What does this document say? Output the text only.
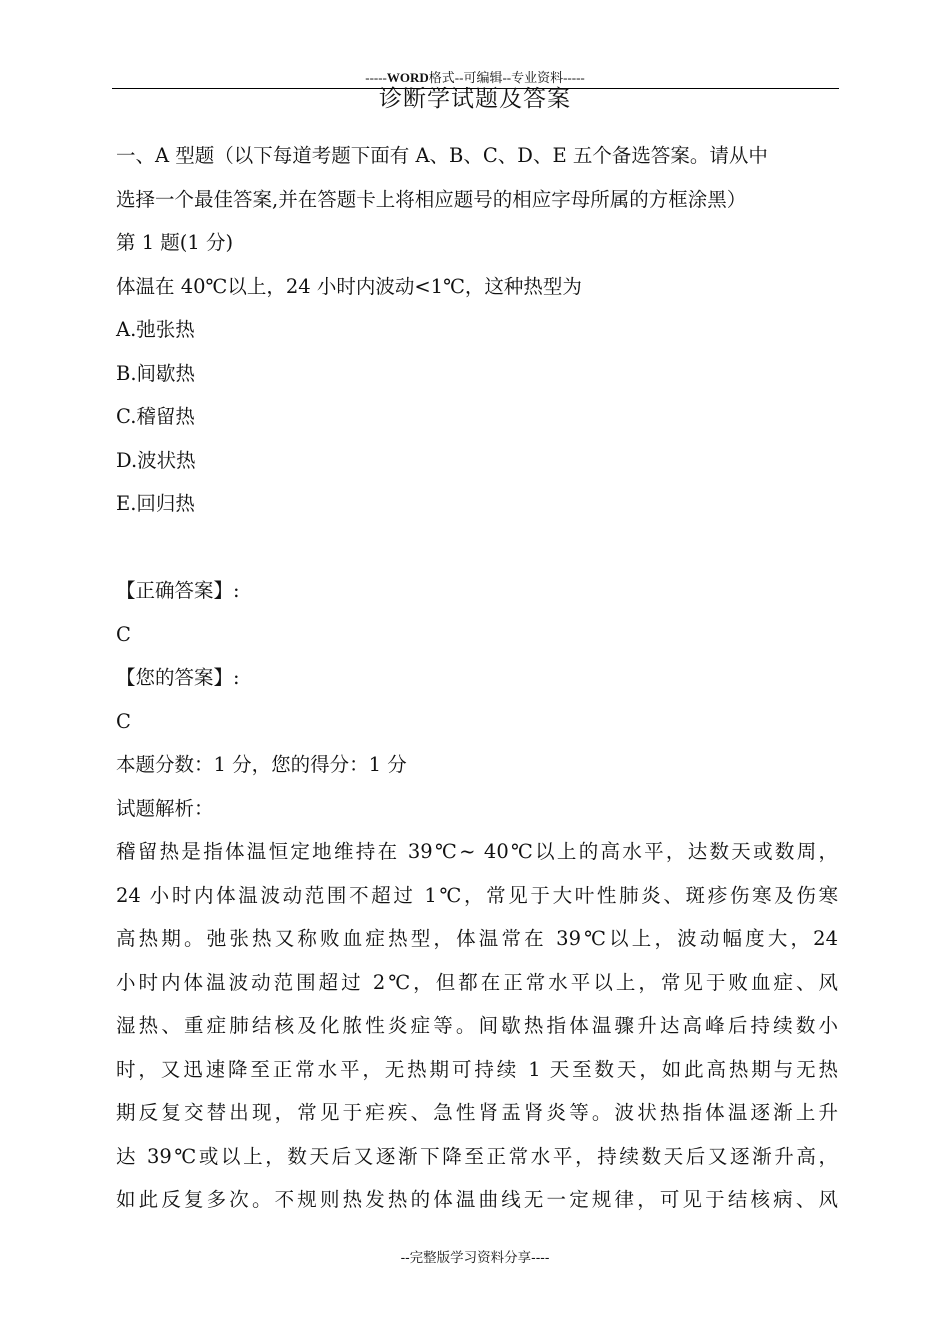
-----WORD格式--可编辑--专业资料-----
诊断学试题及答案
一、A 型题（以下每道考题下面有 A、B、C、D、E 五个备选答案。请从中
选择一个最佳答案,并在答题卡上将相应题号的相应字母所属的方框涂黑）
第 1 题(1 分)
体温在 40℃以上，24 小时内波动<1℃，这种热型为
A.弛张热
B.间歇热
C.稽留热
D.波状热
E.回归热
【正确答案】:
C
【您的答案】:
C
本题分数：1 分，您的得分：1 分
试题解析：
稽留热是指体温恒定地维持在 39℃~ 40℃以上的高水平，达数天或数周，
24 小时内体温波动范围不超过 1℃，常见于大叶性肺炎、斑疹伤寒及伤寒
高热期。弛张热又称败血症热型，体温常在 39℃以上，波动幅度大，24
小时内体温波动范围超过 2℃，但都在正常水平以上，常见于败血症、风
湿热、重症肺结核及化脓性炎症等。间歇热指体温骤升达高峰后持续数小
时，又迅速降至正常水平，无热期可持续 1 天至数天，如此高热期与无热
期反复交替出现，常见于疟疾、急性肾盂肾炎等。波状热指体温逐渐上升
达 39℃或以上，数天后又逐渐下降至正常水平，持续数天后又逐渐升高，
如此反复多次。不规则热发热的体温曲线无一定规律，可见于结核病、风
--完整版学习资料分享----
